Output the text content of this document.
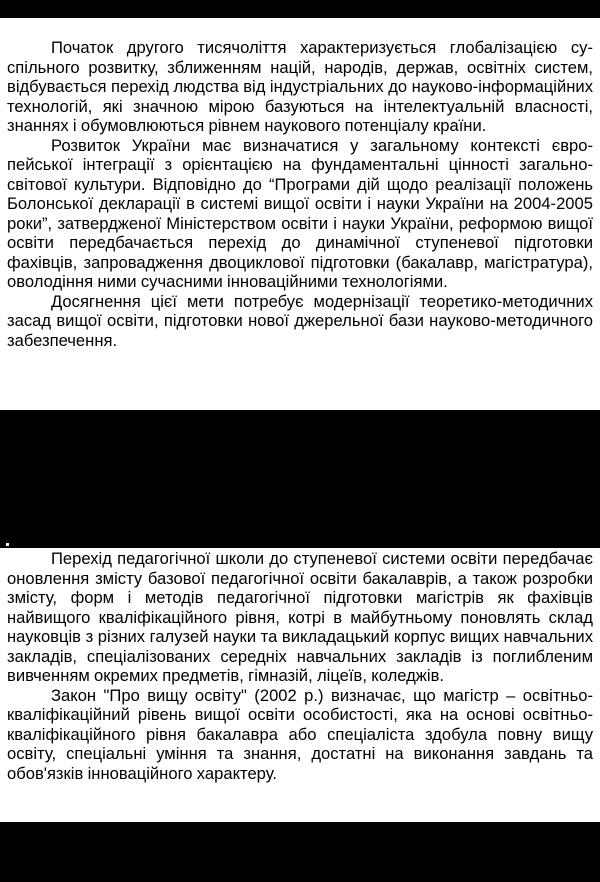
Початок другого тисячоліття характеризується глобалізацією суспільного розвитку, зближенням націй, народів, держав, освітніх систем, відбувається перехід людства від індустріальних до науково-інформаційних технологій, які значною мірою базуються на інтелектуальній власності, знаннях і обумовлюються рівнем наукового потенціалу країни.

Розвиток України має визначатися у загальному контексті європейської інтеграції з орієнтацією на фундаментальні цінності загальносвітової культури. Відповідно до “Програми дій щодо реалізації положень Болонської декларації в системі вищої освіти і науки України на 2004-2005 роки”, затвердженої Міністерством освіти і науки України, реформою вищої освіти передбачається перехід до динамічної ступеневої підготовки фахівців, запровадження двоциклової підготовки (бакалавр, магістратура), оволодіння ними сучасними інноваційними технологіями.

Досягнення цієї мети потребує модернізації теоретико-методичних засад вищої освіти, підготовки нової джерельної бази науково-методичного забезпечення.

Перехід педагогічної школи до ступеневої системи освіти передбачає оновлення змісту базової педагогічної освіти бакалаврів, а також розробки змісту, форм і методів педагогічної підготовки магістрів як фахівців найвищого кваліфікаційного рівня, котрі в майбутньому поновлять склад науковців з різних галузей науки та викладацький корпус вищих навчальних закладів, спеціалізованих середніх навчальних закладів із поглибленим вивченням окремих предметів, гімназій, ліцеїв, коледжів.

Закон "Про вищу освіту" (2002 р.) визначає, що магістр – освітньо-кваліфікаційний рівень вищої освіти особистості, яка на основі освітньо-кваліфікаційного рівня бакалавра або спеціаліста здобула повну вищу освіту, спеціальні уміння та знання, достатні на виконання завдань та обов'язків інноваційного характеру.
